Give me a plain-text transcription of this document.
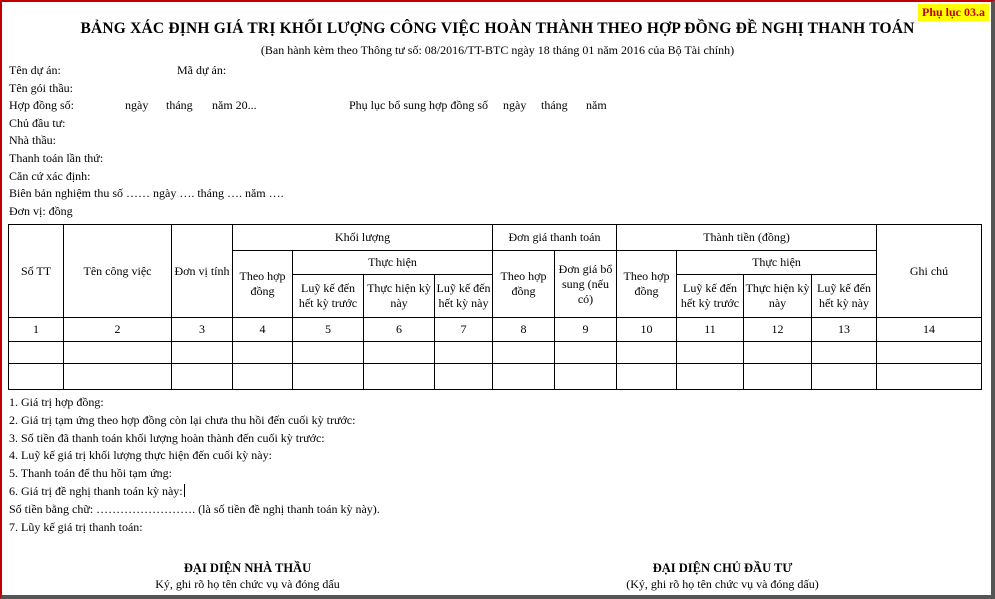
Phụ lục 03.a
BẢNG XÁC ĐỊNH GIÁ TRỊ KHỐI LƯỢNG CÔNG VIỆC HOÀN THÀNH THEO HỢP ĐỒNG ĐỀ NGHỊ THANH TOÁN
(Ban hành kèm theo Thông tư số: 08/2016/TT-BTC ngày 18 tháng 01 năm 2016 của Bộ Tài chính)
Tên dự án:	Mã dự án:
Tên gói thầu:
Hợp đồng số:	ngày tháng năm 20...	Phụ lục bổ sung hợp đồng số ngày tháng năm
Chủ đầu tư:
Nhà thầu:
Thanh toán lần thứ:
Căn cứ xác định:
Biên bản nghiệm thu số …… ngày …. tháng …. năm ….
Đơn vị: đồng
Số TT	Tên công việc	Đơn vị tính	Khối lượng				Đơn giá thanh toán		Thành tiền (đồng)				Ghi chú
			Theo hợp đồng	Thực hiện			Theo hợp đồng	Đơn giá bổ sung (nếu có)	Theo hợp đồng	Thực hiện			
				Luỹ kế đến hết kỳ trước	Thực hiện kỳ này	Luỹ kế đến hết kỳ này				Luỹ kế đến hết kỳ trước	Thực hiện kỳ này	Luỹ kế đến hết kỳ này	
1	2	3	4	5	6	7	8	9	10	11	12	13	14

1. Giá trị hợp đồng:
2. Giá trị tạm ứng theo hợp đồng còn lại chưa thu hồi đến cuối kỳ trước:
3. Số tiền đã thanh toán khối lượng hoàn thành đến cuối kỳ trước:
4. Luỹ kế giá trị khối lượng thực hiện đến cuối kỳ này:
5. Thanh toán để thu hồi tạm ứng:
6. Giá trị đề nghị thanh toán kỳ này:
Số tiền bằng chữ: ……………………. (là số tiền đề nghị thanh toán kỳ này).
7. Lũy kế giá trị thanh toán:
ĐẠI DIỆN NHÀ THẦU
Ký, ghi rõ họ tên chức vụ và đóng dấu
ĐẠI DIỆN CHỦ ĐẦU TƯ
(Ký, ghi rõ họ tên chức vụ và đóng dấu)
